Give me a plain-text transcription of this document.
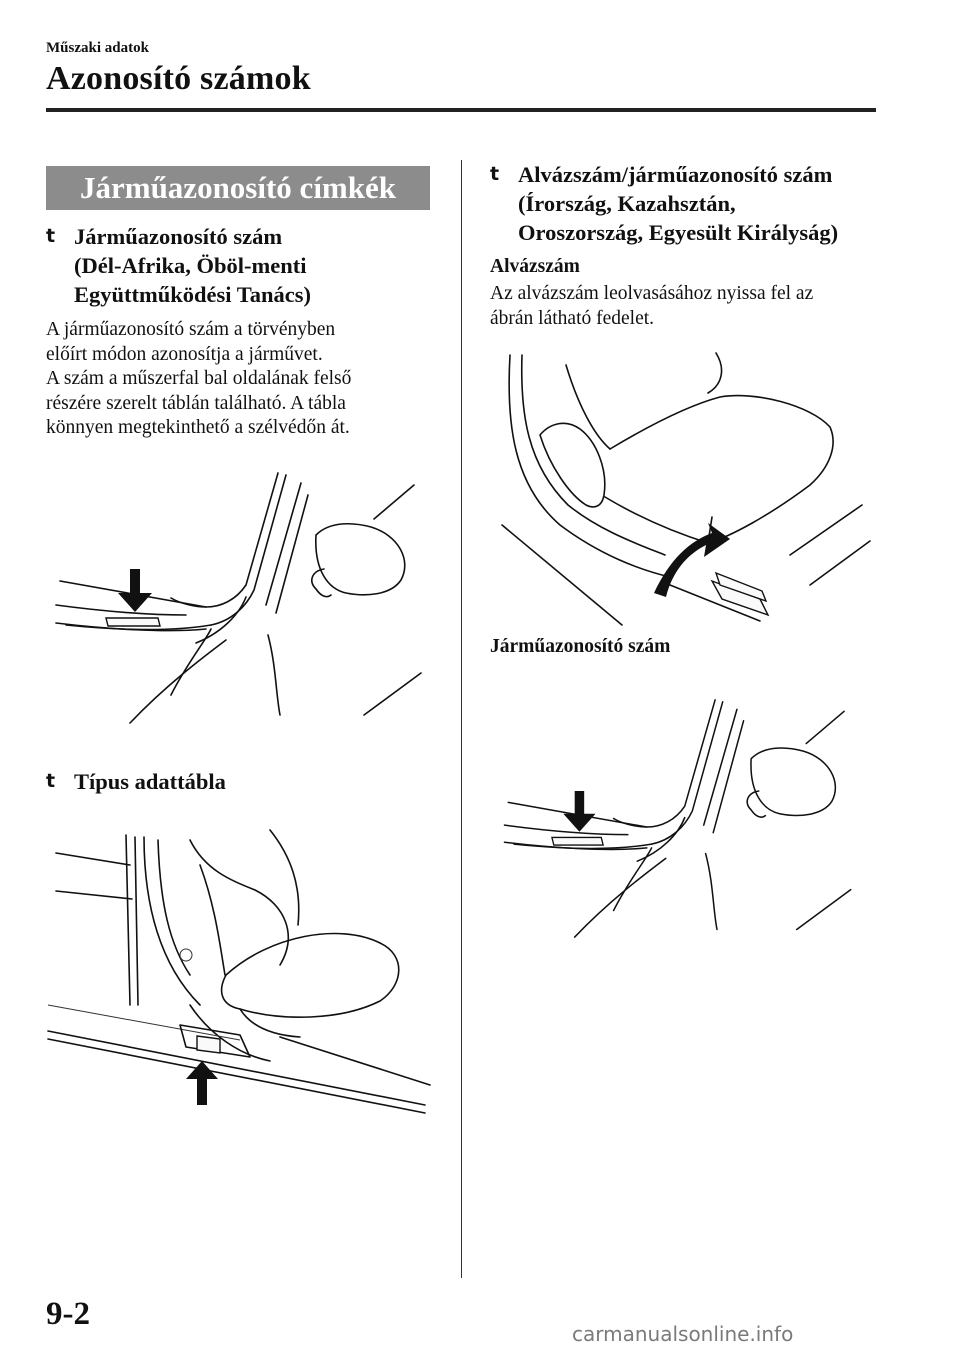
Műszaki adatok
Azonosító számok
Járműazonosító címkék
t Járműazonosító szám
(Dél-Afrika, Öböl-menti
Együttműködési Tanács)
A járműazonosító szám a törvényben
előírt módon azonosítja a járművet.
A szám a műszerfal bal oldalának felső
részére szerelt táblán található. A tábla
könnyen megtekinthető a szélvédőn át.
t Típus adattábla
t Alvázszám/járműazonosító szám
(Írország, Kazahsztán,
Oroszország, Egyesült Királyság)
Alvázszám
Az alvázszám leolvasásához nyissa fel az
ábrán látható fedelet.
Járműazonosító szám
9-2
carmanualsonline.info
